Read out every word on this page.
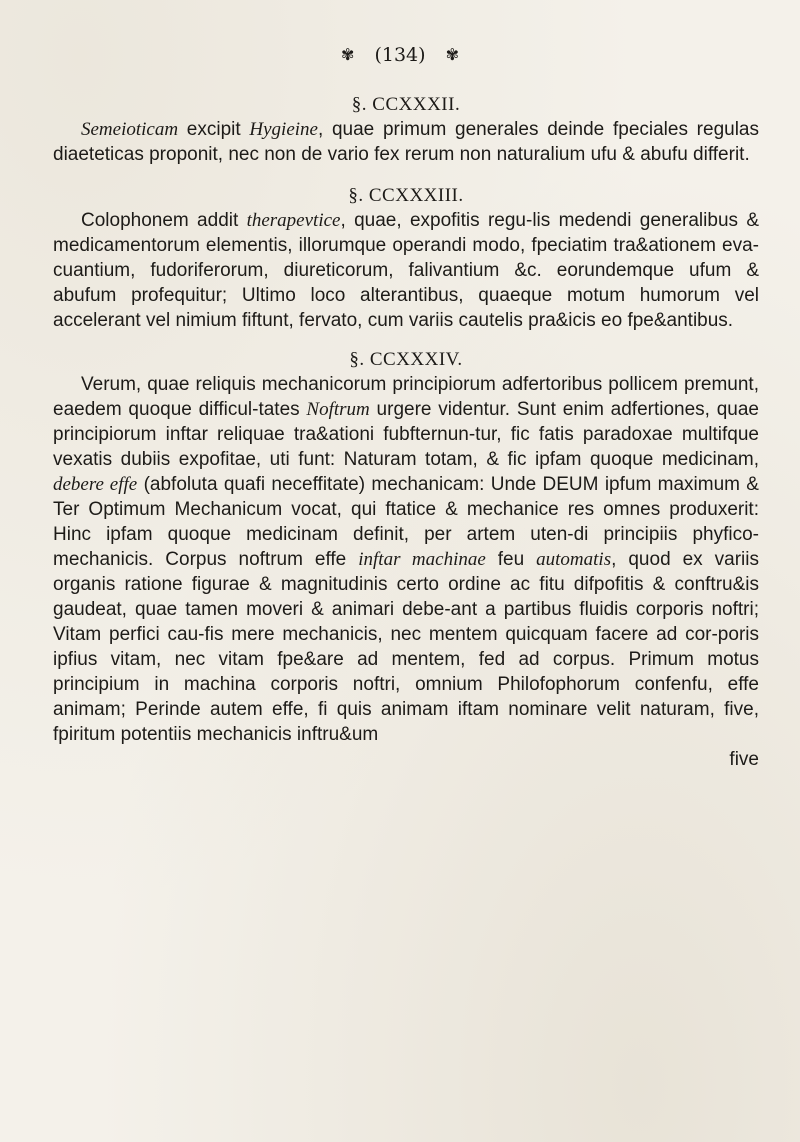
✾ (134) ✾
§. CCXXXII.

Semeioticam excipit Hygieine, quae primum generales deinde fpeciales regulas diaeteticas proponit, nec non de vario fex rerum non naturalium ufu & abufu differit.

§. CCXXXIII.

Colophonem addit therapevtice, quae, expofitis regu-lis medendi generalibus & medicamentorum elementis, illorumque operandi modo, fpeciatim tra&ationem eva-cuantium, fudoriferorum, diureticorum, falivantium &c. eorundemque ufum & abufum profequitur; Ultimo loco alterantibus, quaeque motum humorum vel accelerant vel nimium fiftunt, fervato, cum variis cautelis pra&icis eo fpe&antibus.

§. CCXXXIV.

Verum, quae reliquis mechanicorum principiorum adfertoribus pollicem premunt, eaedem quoque difficul-tates Noftrum urgere videntur. Sunt enim adfertiones, quae principiorum inftar reliquae tra&ationi fubfternun-tur, fic fatis paradoxae multifque vexatis dubiis expofitae, uti funt: Naturam totam, & fic ipfam quoque medicinam, debere effe (abfoluta quafi neceffitate) mechanicam: Unde DEUM ipfum maximum & Ter Optimum Mechanicum vocat, qui ftatice & mechanice res omnes produxerit: Hinc ipfam quoque medicinam definit, per artem uten-di principiis phyfico-mechanicis. Corpus noftrum effe inftar machinae feu automatis, quod ex variis organis ratione figurae & magnitudinis certo ordine ac fitu difpofitis & conftru&is gaudeat, quae tamen moveri & animari debe-ant a partibus fluidis corporis noftri; Vitam perfici cau-fis mere mechanicis, nec mentem quicquam facere ad cor-poris ipfius vitam, nec vitam fpe&are ad mentem, fed ad corpus. Primum motus principium in machina corporis noftri, omnium Philofophorum confenfu, effe animam; Perinde autem effe, fi quis animam iftam nominare velit naturam, five, fpiritum potentiis mechanicis inftru&um

five
